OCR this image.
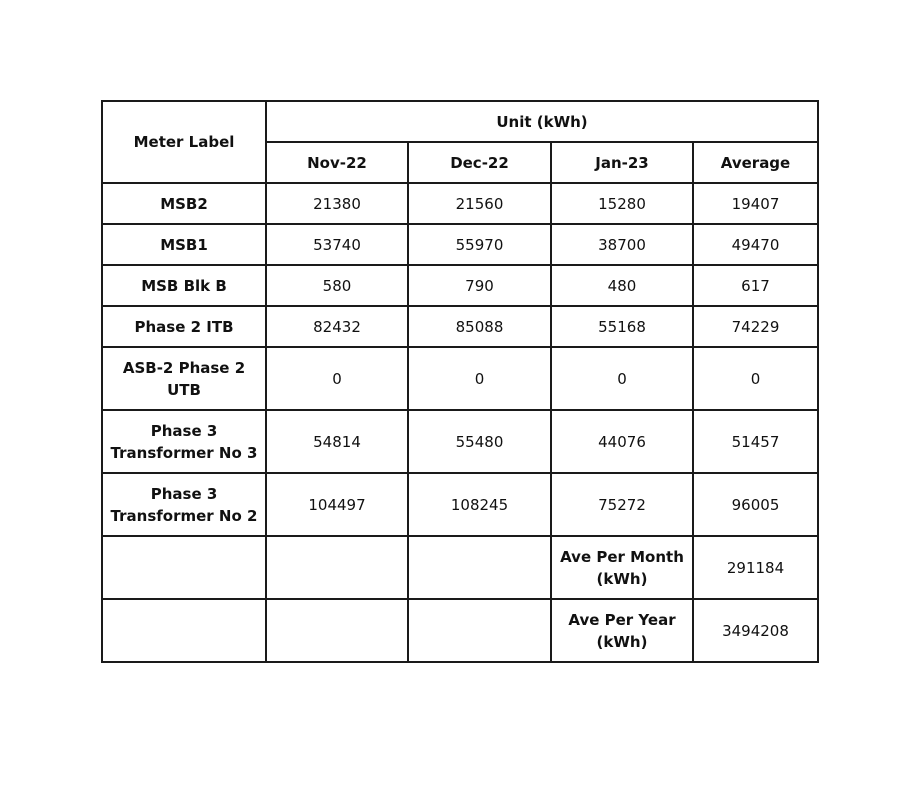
Meter Label	Unit (kWh)			
	Nov-22	Dec-22	Jan-23	Average
MSB2	21380	21560	15280	19407
MSB1	53740	55970	38700	49470
MSB Blk B	580	790	480	617
Phase 2 ITB	82432	85088	55168	74229
ASB-2 Phase 2 UTB	0	0	0	0
Phase 3 Transformer No 3	54814	55480	44076	51457
Phase 3 Transformer No 2	104497	108245	75272	96005
			Ave Per Month (kWh)	291184
			Ave Per Year (kWh)	3494208
